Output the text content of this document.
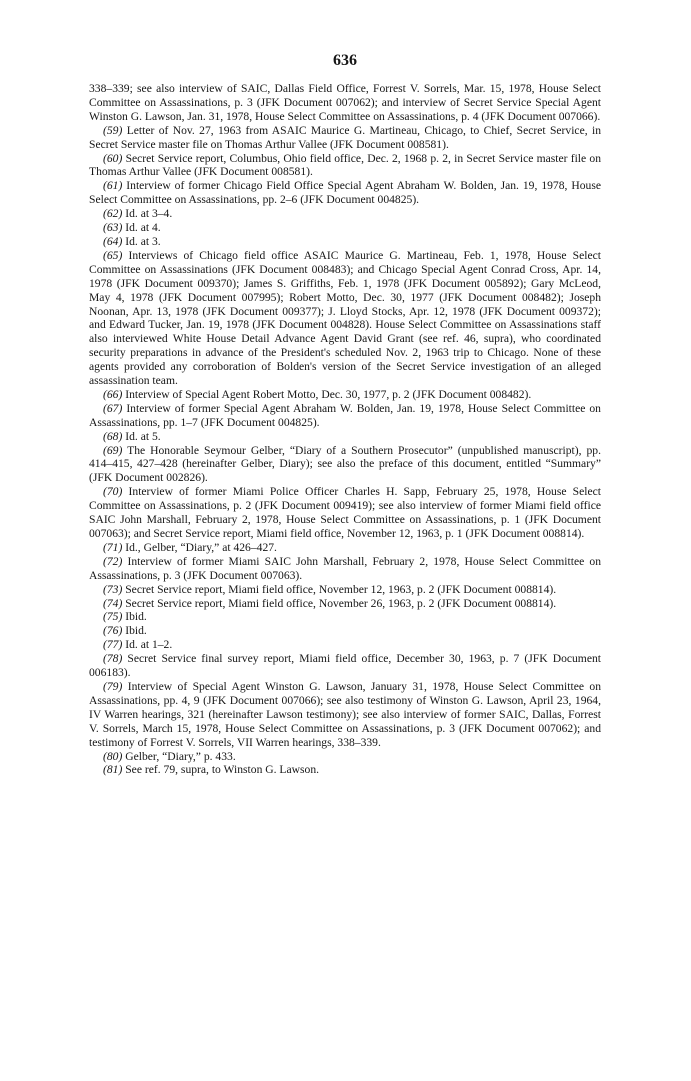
636

338–339; see also interview of SAIC, Dallas Field Office, Forrest V. Sorrels, Mar. 15, 1978, House Select Committee on Assassinations, p. 3 (JFK Document 007062); and interview of Secret Service Special Agent Winston G. Lawson, Jan. 31, 1978, House Select Committee on Assassinations, p. 4 (JFK Document 007066).

(59) Letter of Nov. 27, 1963 from ASAIC Maurice G. Martineau, Chicago, to Chief, Secret Service, in Secret Service master file on Thomas Arthur Vallee (JFK Document 008581).

(60) Secret Service report, Columbus, Ohio field office, Dec. 2, 1968 p. 2, in Secret Service master file on Thomas Arthur Vallee (JFK Document 008581).

(61) Interview of former Chicago Field Office Special Agent Abraham W. Bolden, Jan. 19, 1978, House Select Committee on Assassinations, pp. 2–6 (JFK Document 004825).

(62) Id. at 3–4.

(63) Id. at 4.

(64) Id. at 3.

(65) Interviews of Chicago field office ASAIC Maurice G. Martineau, Feb. 1, 1978, House Select Committee on Assassinations (JFK Document 008483); and Chicago Special Agent Conrad Cross, Apr. 14, 1978 (JFK Document 009370); James S. Griffiths, Feb. 1, 1978 (JFK Document 005892); Gary McLeod, May 4, 1978 (JFK Document 007995); Robert Motto, Dec. 30, 1977 (JFK Document 008482); Joseph Noonan, Apr. 13, 1978 (JFK Document 009377); J. Lloyd Stocks, Apr. 12, 1978 (JFK Document 009372); and Edward Tucker, Jan. 19, 1978 (JFK Document 004828). House Select Committee on Assassinations staff also interviewed White House Detail Advance Agent David Grant (see ref. 46, supra), who coordinated security preparations in advance of the President's scheduled Nov. 2, 1963 trip to Chicago. None of these agents provided any corroboration of Bolden's version of the Secret Service investigation of an alleged assassination team.

(66) Interview of Special Agent Robert Motto, Dec. 30, 1977, p. 2 (JFK Document 008482).

(67) Interview of former Special Agent Abraham W. Bolden, Jan. 19, 1978, House Select Committee on Assassinations, pp. 1–7 (JFK Document 004825).

(68) Id. at 5.

(69) The Honorable Seymour Gelber, “Diary of a Southern Prosecutor” (unpublished manuscript), pp. 414–415, 427–428 (hereinafter Gelber, Diary); see also the preface of this document, entitled “Summary” (JFK Document 002826).

(70) Interview of former Miami Police Officer Charles H. Sapp, February 25, 1978, House Select Committee on Assassinations, p. 2 (JFK Document 009419); see also interview of former Miami field office SAIC John Marshall, February 2, 1978, House Select Committee on Assassinations, p. 1 (JFK Document 007063); and Secret Service report, Miami field office, November 12, 1963, p. 1 (JFK Document 008814).

(71) Id., Gelber, “Diary,” at 426–427.

(72) Interview of former Miami SAIC John Marshall, February 2, 1978, House Select Committee on Assassinations, p. 3 (JFK Document 007063).

(73) Secret Service report, Miami field office, November 12, 1963, p. 2 (JFK Document 008814).

(74) Secret Service report, Miami field office, November 26, 1963, p. 2 (JFK Document 008814).

(75) Ibid.

(76) Ibid.

(77) Id. at 1–2.

(78) Secret Service final survey report, Miami field office, December 30, 1963, p. 7 (JFK Document 006183).

(79) Interview of Special Agent Winston G. Lawson, January 31, 1978, House Select Committee on Assassinations, pp. 4, 9 (JFK Document 007066); see also testimony of Winston G. Lawson, April 23, 1964, IV Warren hearings, 321 (hereinafter Lawson testimony); see also interview of former SAIC, Dallas, Forrest V. Sorrels, March 15, 1978, House Select Committee on Assassinations, p. 3 (JFK Document 007062); and testimony of Forrest V. Sorrels, VII Warren hearings, 338–339.

(80) Gelber, “Diary,” p. 433.

(81) See ref. 79, supra, to Winston G. Lawson.
